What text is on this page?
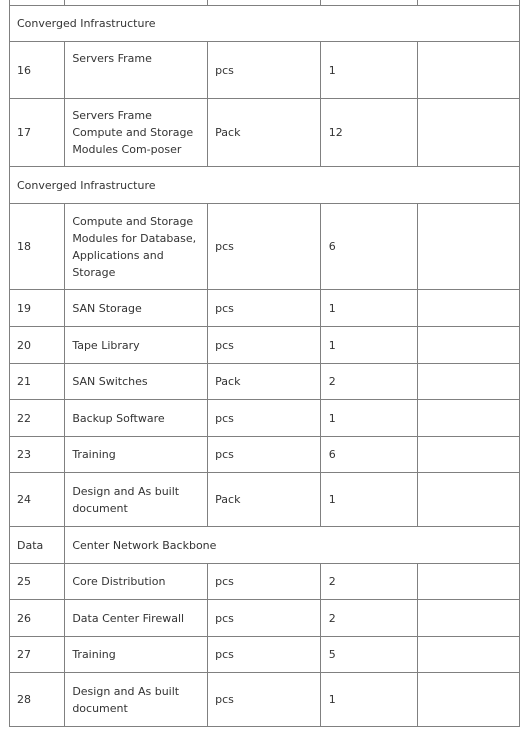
Converged Infrastructure				
16	Servers Frame	pcs	1	
17	Servers Frame Compute and Storage Modules Com-poser	Pack	12	
Converged Infrastructure				
18	Compute and Storage Modules for Database, Applications and Storage	pcs	6	
19	SAN Storage	pcs	1	
20	Tape Library	pcs	1	
21	SAN Switches	Pack	2	
22	Backup Software	pcs	1	
23	Training	pcs	6	
24	Design and As built document	Pack	1	
Data	Center Network Backbone			
25	Core Distribution	pcs	2	
26	Data Center Firewall	pcs	2	
27	Training	pcs	5	
28	Design and As built document	pcs	1	
